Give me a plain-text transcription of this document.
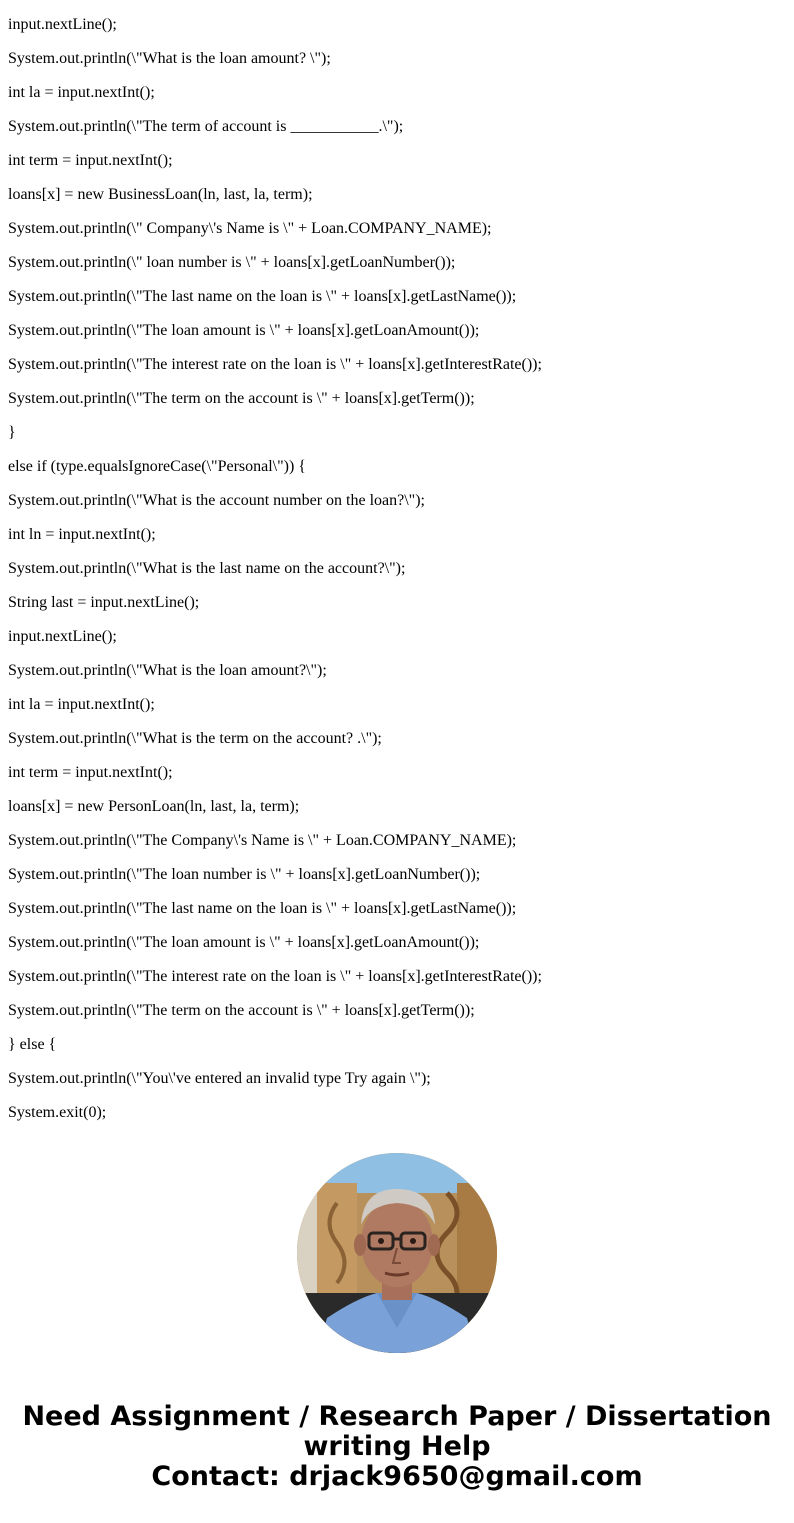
input.nextLine();

System.out.println(\"What is the loan amount? \");

int la = input.nextInt();

System.out.println(\"The term of account is ___________.\");

int term = input.nextInt();

loans[x] = new BusinessLoan(ln, last, la, term);

System.out.println(\" Company\'s Name is \" + Loan.COMPANY_NAME);

System.out.println(\" loan number is \" + loans[x].getLoanNumber());

System.out.println(\"The last name on the loan is \" + loans[x].getLastName());

System.out.println(\"The loan amount is \" + loans[x].getLoanAmount());

System.out.println(\"The interest rate on the loan is \" + loans[x].getInterestRate());

System.out.println(\"The term on the account is \" + loans[x].getTerm());

}

else if (type.equalsIgnoreCase(\"Personal\")) {

System.out.println(\"What is the account number on the loan?\");

int ln = input.nextInt();

System.out.println(\"What is the last name on the account?\");

String last = input.nextLine();

input.nextLine();

System.out.println(\"What is the loan amount?\");

int la = input.nextInt();

System.out.println(\"What is the term on the account? .\");

int term = input.nextInt();

loans[x] = new PersonLoan(ln, last, la, term);

System.out.println(\"The Company\'s Name is \" + Loan.COMPANY_NAME);

System.out.println(\"The loan number is \" + loans[x].getLoanNumber());

System.out.println(\"The last name on the loan is \" + loans[x].getLastName());

System.out.println(\"The loan amount is \" + loans[x].getLoanAmount());

System.out.println(\"The interest rate on the loan is \" + loans[x].getInterestRate());

System.out.println(\"The term on the account is \" + loans[x].getTerm());

} else {

System.out.println(\"You\'ve entered an invalid type Try again \");

System.exit(0);

Need Assignment / Research Paper / Dissertation
writing Help
Contact: drjack9650@gmail.com
